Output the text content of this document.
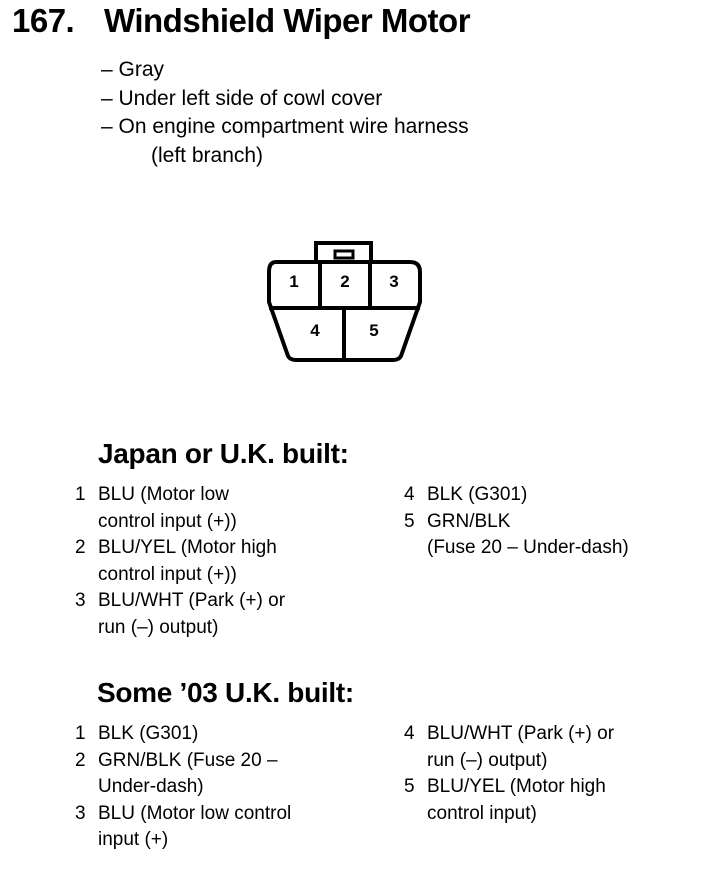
167. Windshield Wiper Motor
– Gray
– Under left side of cowl cover
– On engine compartment wire harness
(left branch)
1 2 3
4	5
Japan or U.K. built:
1 BLU (Motor low
control input (+))
2 BLU/YEL (Motor high
control input (+))
3 BLU/WHT (Park (+) or
run (–) output)
4 BLK (G301)
5 GRN/BLK
(Fuse 20 – Under-dash)
Some ’03 U.K. built:
1 BLK (G301)
2 GRN/BLK (Fuse 20 –
Under-dash)
3 BLU (Motor low control
input (+)
4 BLU/WHT (Park (+) or
run (–) output)
5 BLU/YEL (Motor high
control input)
